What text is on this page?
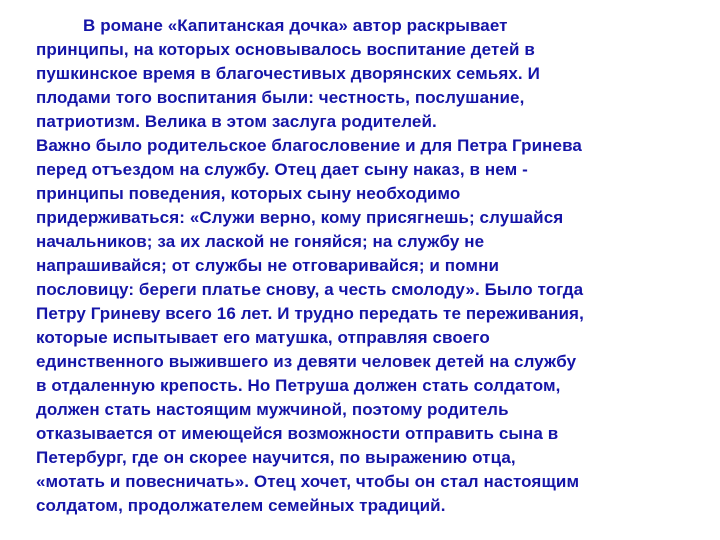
В романе «Капитанская дочка» автор раскрывает
принципы, на которых основывалось воспитание детей в
пушкинское время в благочестивых дворянских семьях. И
плодами того воспитания были: честность, послушание,
патриотизм. Велика в этом заслуга родителей.
Важно было родительское благословение и для Петра Гринева
перед отъездом на службу. Отец дает сыну наказ, в нем -
принципы поведения, которых сыну необходимо
придерживаться: «Служи верно, кому присягнешь; слушайся
начальников; за их лаской не гоняйся; на службу не
напрашивайся; от службы не отговаривайся; и помни
пословицу: береги платье снову, а честь смолоду». Было тогда
Петру Гриневу всего 16 лет. И трудно передать те переживания,
которые испытывает его матушка, отправляя своего
единственного выжившего из девяти человек детей на службу
в отдаленную крепость. Но Петруша должен стать солдатом,
должен стать настоящим мужчиной, поэтому родитель
отказывается от имеющейся возможности отправить сына в
Петербург, где он скорее научится, по выражению отца,
«мотать и повесничать». Отец хочет, чтобы он стал настоящим
солдатом, продолжателем семейных традиций.
